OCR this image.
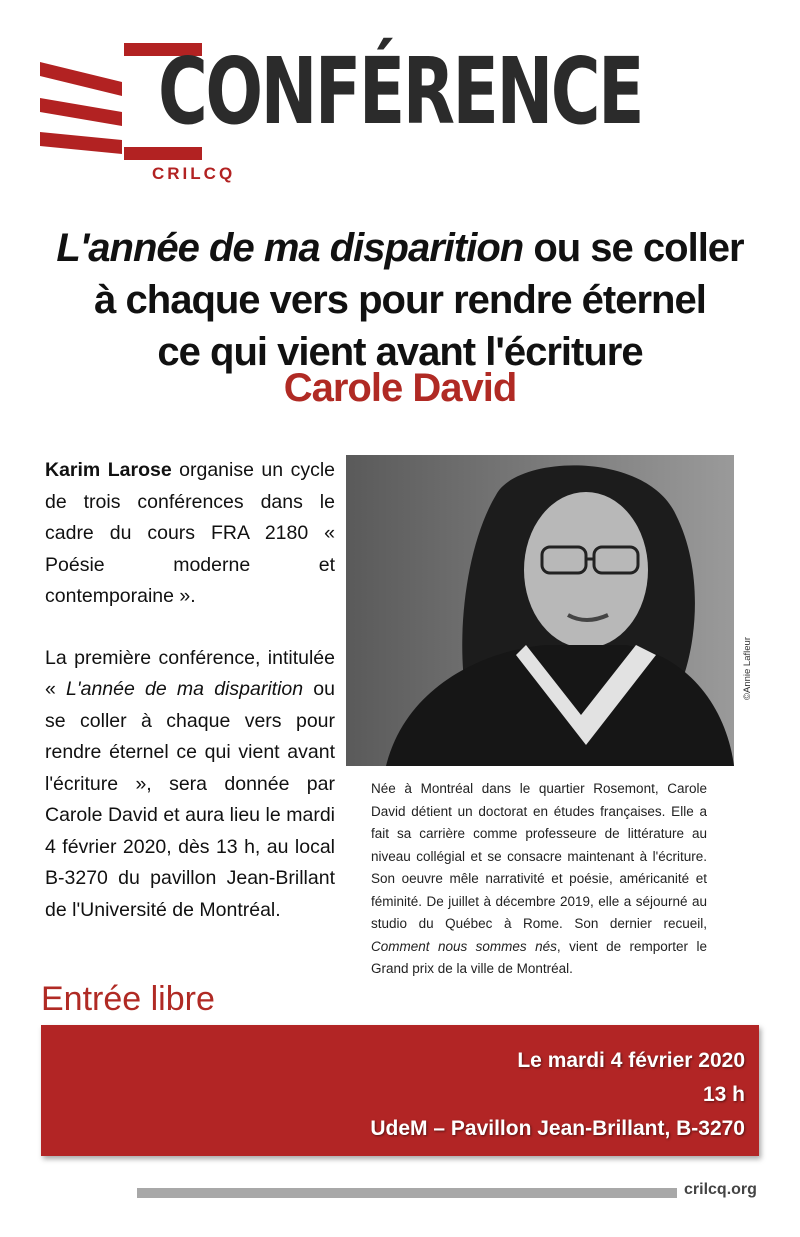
CONFÉRENCE
CRILCQ
L'année de ma disparition ou se coller
à chaque vers pour rendre éternel
ce qui vient avant l'écriture
Carole David

Karim Larose organise un cycle de trois conférences dans le cadre du cours FRA 2180 « Poésie moderne et contemporaine ».

La première conférence, intitulée « L'année de ma disparition ou se coller à chaque vers pour rendre éternel ce qui vient avant l'écriture », sera donnée par Carole David et aura lieu le mardi 4 février 2020, dès 13 h, au local B-3270 du pavillon Jean-Brillant de l'Université de Montréal.

©Annie Lafleur
Née à Montréal dans le quartier Rosemont, Carole David détient un doctorat en études françaises. Elle a fait sa carrière comme professeure de littérature au niveau collégial et se consacre maintenant à l'écriture. Son oeuvre mêle narrativité et poésie, américanité et féminité. De juillet à décembre 2019, elle a séjourné au studio du Québec à Rome. Son dernier recueil, Comment nous sommes nés, vient de remporter le Grand prix de la ville de Montréal.
Entrée libre
Le mardi 4 février 2020
13 h
UdeM – Pavillon Jean-Brillant, B-3270
crilcq.org
